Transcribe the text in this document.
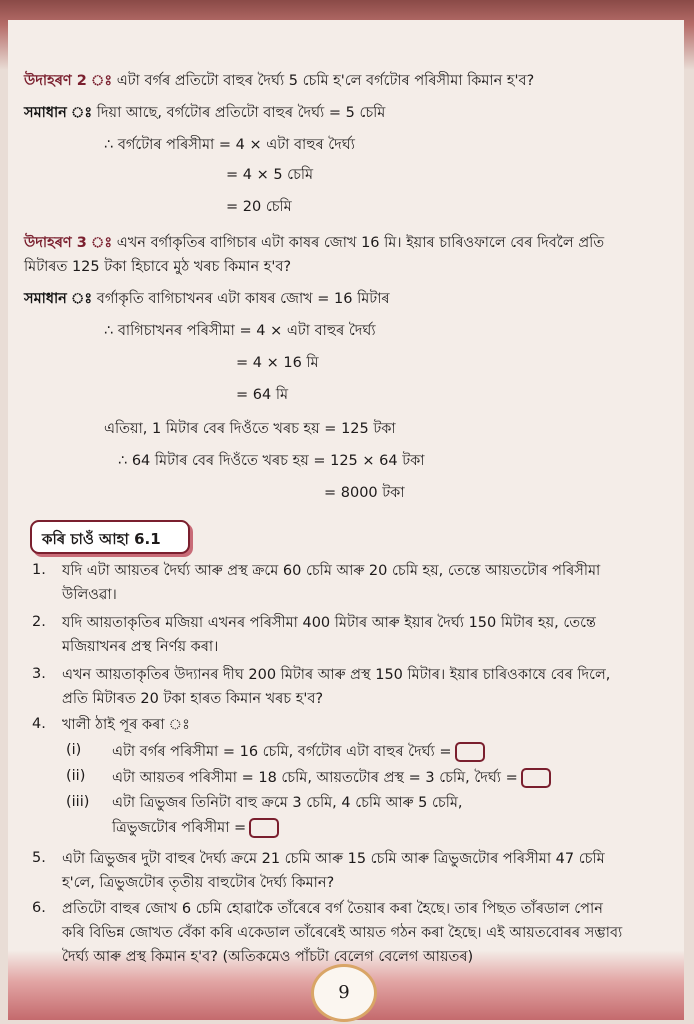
উদাহৰণ 2 ঃ এটা বৰ্গৰ প্ৰতিটো বাহুৰ দৈৰ্ঘ্য 5 চেমি হ'লে বৰ্গটোৰ পৰিসীমা কিমান হ'ব?
সমাধান ঃ দিয়া আছে, বৰ্গটোৰ প্ৰতিটো বাহুৰ দৈৰ্ঘ্য = 5 চেমি
∴ বৰ্গটোৰ পৰিসীমা = 4 × এটা বাহুৰ দৈৰ্ঘ্য
= 4 × 5 চেমি
= 20 চেমি
উদাহৰণ 3 ঃ এখন বৰ্গাকৃতিৰ বাগিচাৰ এটা কাষৰ জোখ 16 মি। ইয়াৰ চাৰিওফালে বেৰ দিবলৈ প্ৰতি
মিটাৰত 125 টকা হিচাবে মুঠ খৰচ কিমান হ'ব?
সমাধান ঃ বৰ্গাকৃতি বাগিচাখনৰ এটা কাষৰ জোখ = 16 মিটাৰ
∴ বাগিচাখনৰ পৰিসীমা = 4 × এটা বাহুৰ দৈৰ্ঘ্য
= 4 × 16 মি
= 64 মি
এতিয়া, 1 মিটাৰ বেৰ দিওঁতে খৰচ হয় = 125 টকা
∴ 64 মিটাৰ বেৰ দিওঁতে খৰচ হয় = 125 × 64 টকা
= 8000 টকা
কৰি চাওঁ আহা 6.1
1. যদি এটা আয়তৰ দৈৰ্ঘ্য আৰু প্ৰস্থ ক্ৰমে 60 চেমি আৰু 20 চেমি হয়, তেন্তে আয়তটোৰ পৰিসীমা
উলিওৱা।
2. যদি আয়তাকৃতিৰ মজিয়া এখনৰ পৰিসীমা 400 মিটাৰ আৰু ইয়াৰ দৈৰ্ঘ্য 150 মিটাৰ হয়, তেন্তে
মজিয়াখনৰ প্ৰস্থ নিৰ্ণয় কৰা।
3. এখন আয়তাকৃতিৰ উদ্যানৰ দীঘ 200 মিটাৰ আৰু প্ৰস্থ 150 মিটাৰ। ইয়াৰ চাৰিওকাষে বেৰ দিলে,
প্ৰতি মিটাৰত 20 টকা হাৰত কিমান খৰচ হ'ব?
4. খালী ঠাই পূৰ কৰা ঃ
(i) এটা বৰ্গৰ পৰিসীমা = 16 চেমি, বৰ্গটোৰ এটা বাহুৰ দৈৰ্ঘ্য =
(ii) এটা আয়তৰ পৰিসীমা = 18 চেমি, আয়তটোৰ প্ৰস্থ = 3 চেমি, দৈৰ্ঘ্য =
(iii) এটা ত্ৰিভুজৰ তিনিটা বাহু ক্ৰমে 3 চেমি, 4 চেমি আৰু 5 চেমি,
ত্ৰিভুজটোৰ পৰিসীমা =
5. এটা ত্ৰিভুজৰ দুটা বাহুৰ দৈৰ্ঘ্য ক্ৰমে 21 চেমি আৰু 15 চেমি আৰু ত্ৰিভুজটোৰ পৰিসীমা 47 চেমি
হ'লে, ত্ৰিভুজটোৰ তৃতীয় বাহুটোৰ দৈৰ্ঘ্য কিমান?
6. প্ৰতিটো বাহুৰ জোখ 6 চেমি হোৱাকৈ তাঁৰেৰে বৰ্গ তৈয়াৰ কৰা হৈছে। তাৰ পিছত তাঁৰডাল পোন
কৰি বিভিন্ন জোখত বেঁকা কৰি একেডাল তাঁৰেৰেই আয়ত গঠন কৰা হৈছে। এই আয়তবোৰৰ সম্ভাব্য
দৈৰ্ঘ্য আৰু প্ৰস্থ কিমান হ'ব? (অতিকমেও পাঁচটা বেলেগ বেলেগ আয়তৰ)
9
